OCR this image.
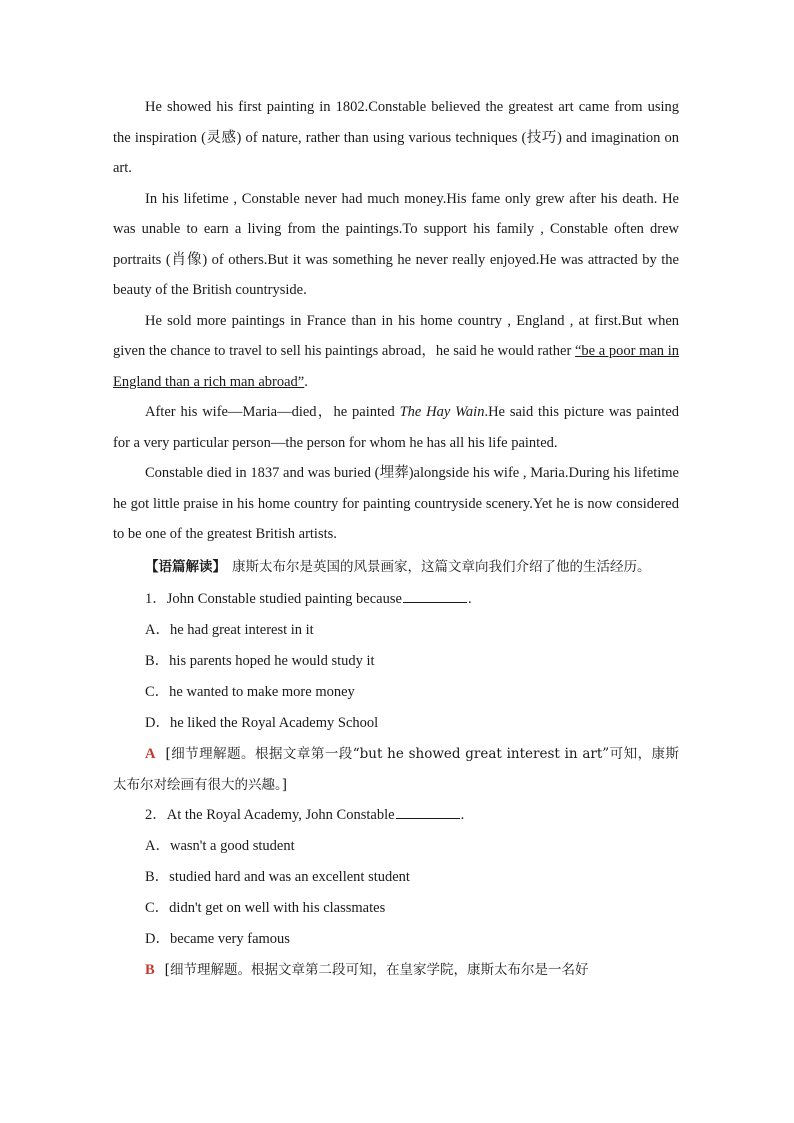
He showed his first painting in 1802.Constable believed the greatest art came from using the inspiration (灵感) of nature, rather than using various techniques (技巧) and imagination on art.

In his lifetime , Constable never had much money.His fame only grew after his death. He was unable to earn a living from the paintings.To support his family , Constable often drew portraits (肖像) of others.But it was something he never really enjoyed.He was attracted by the beauty of the British countryside.

He sold more paintings in France than in his home country , England , at first.But when given the chance to travel to sell his paintings abroad，he said he would rather “be a poor man in England than a rich man abroad”.

After his wife—Maria—died，he painted The Hay Wain.He said this picture was painted for a very particular person—the person for whom he has all his life painted.

Constable died in 1837 and was buried (埋葬)alongside his wife , Maria.During his lifetime he got little praise in his home country for painting countryside scenery.Yet he is now considered to be one of the greatest British artists.

【语篇解读】 康斯太布尔是英国的风景画家，这篇文章向我们介绍了他的生活经历。

1．John Constable studied painting because	.

A．he had great interest in it

B．his parents hoped he would study it

C．he wanted to make more money

D．he liked the Royal Academy School

A [细节理解题。根据文章第一段“but he showed great interest in art”可知，康斯太布尔对绘画有很大的兴趣。]

2．At the Royal Academy, John Constable	.

A．wasn't a good student

B．studied hard and was an excellent student

C．didn't get on well with his classmates

D．became very famous

B [细节理解题。根据文章第二段可知，在皇家学院，康斯太布尔是一名好
